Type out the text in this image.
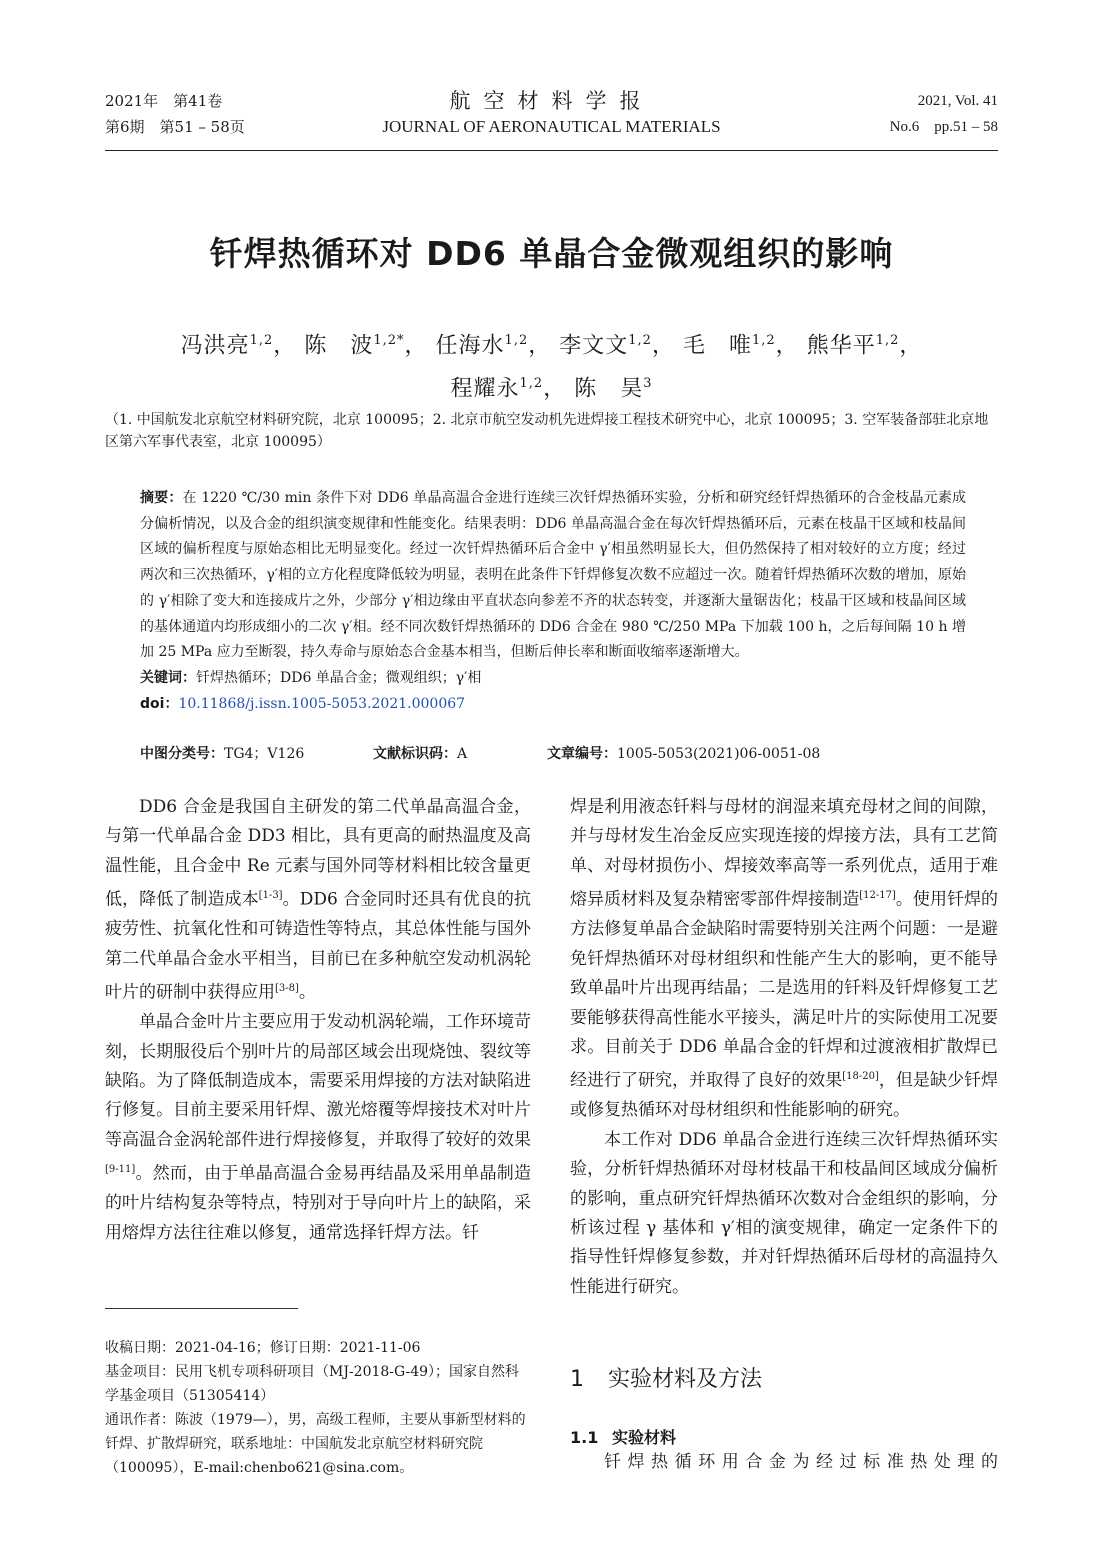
2021年　第41卷
第6期　第51 – 58页
航空材料学报
JOURNAL OF AERONAUTICAL MATERIALS
2021, Vol. 41
No.6　pp.51 – 58
钎焊热循环对 DD6 单晶合金微观组织的影响
冯洪亮$^{1,2}$， 陈　波$^{1,2*}$， 任海水$^{1,2}$， 李文文$^{1,2}$， 毛　唯$^{1,2}$， 熊华平$^{1,2}$，
程耀永$^{1,2}$， 陈　昊$^3$
（1. 中国航发北京航空材料研究院，北京 100095；2. 北京市航空发动机先进焊接工程技术研究中心，北京 100095；3. 空军装备部驻北京地区第六军事代表室，北京 100095）
摘要：在 1220 ℃/30 min 条件下对 DD6 单晶高温合金进行连续三次钎焊热循环实验，分析和研究经钎焊热循环的合金枝晶元素成分偏析情况，以及合金的组织演变规律和性能变化。结果表明：DD6 单晶高温合金在每次钎焊热循环后，元素在枝晶干区域和枝晶间区域的偏析程度与原始态相比无明显变化。经过一次钎焊热循环后合金中 γ′相虽然明显长大，但仍然保持了相对较好的立方度；经过两次和三次热循环，γ′相的立方化程度降低较为明显，表明在此条件下钎焊修复次数不应超过一次。随着钎焊热循环次数的增加，原始的 γ′相除了变大和连接成片之外，少部分 γ′相边缘由平直状态向参差不齐的状态转变，并逐渐大量锯齿化；枝晶干区域和枝晶间区域的基体通道内均形成细小的二次 γ′相。经不同次数钎焊热循环的 DD6 合金在 980 ℃/250 MPa 下加载 100 h，之后每间隔 10 h 增加 25 MPa 应力至断裂，持久寿命与原始态合金基本相当，但断后伸长率和断面收缩率逐渐增大。
关键词：钎焊热循环；DD6 单晶合金；微观组织；γ′相
doi：10.11868/j.issn.1005-5053.2021.000067
中图分类号：TG4；V126	文献标识码：A	文章编号：1005-5053(2021)06-0051-08

DD6 合金是我国自主研发的第二代单晶高温合金，与第一代单晶合金 DD3 相比，具有更高的耐热温度及高温性能，且合金中 Re 元素与国外同等材料相比较含量更低，降低了制造成本[1-3]。DD6 合金同时还具有优良的抗疲劳性、抗氧化性和可铸造性等特点，其总体性能与国外第二代单晶合金水平相当，目前已在多种航空发动机涡轮叶片的研制中获得应用[3-8]。

单晶合金叶片主要应用于发动机涡轮端，工作环境苛刻，长期服役后个别叶片的局部区域会出现烧蚀、裂纹等缺陷。为了降低制造成本，需要采用焊接的方法对缺陷进行修复。目前主要采用钎焊、激光熔覆等焊接技术对叶片等高温合金涡轮部件进行焊接修复，并取得了较好的效果[9-11]。然而，由于单晶高温合金易再结晶及采用单晶制造的叶片结构复杂等特点，特别对于导向叶片上的缺陷，采用熔焊方法往往难以修复，通常选择钎焊方法。钎

焊是利用液态钎料与母材的润湿来填充母材之间的间隙，并与母材发生冶金反应实现连接的焊接方法，具有工艺简单、对母材损伤小、焊接效率高等一系列优点，适用于难熔异质材料及复杂精密零部件焊接制造[12-17]。使用钎焊的方法修复单晶合金缺陷时需要特别关注两个问题：一是避免钎焊热循环对母材组织和性能产生大的影响，更不能导致单晶叶片出现再结晶；二是选用的钎料及钎焊修复工艺要能够获得高性能水平接头，满足叶片的实际使用工况要求。目前关于 DD6 单晶合金的钎焊和过渡液相扩散焊已经进行了研究，并取得了良好的效果[18-20]，但是缺少钎焊或修复热循环对母材组织和性能影响的研究。

本工作对 DD6 单晶合金进行连续三次钎焊热循环实验，分析钎焊热循环对母材枝晶干和枝晶间区域成分偏析的影响，重点研究钎焊热循环次数对合金组织的影响，分析该过程 γ 基体和 γ′相的演变规律，确定一定条件下的指导性钎焊修复参数，并对钎焊热循环后母材的高温持久性能进行研究。

收稿日期：2021-04-16；修订日期：2021-11-06
基金项目：民用飞机专项科研项目（MJ-2018-G-49）；国家自然科学基金项目（51305414）
通讯作者：陈波（1979—），男，高级工程师，主要从事新型材料的钎焊、扩散焊研究，联系地址：中国航发北京航空材料研究院（100095），E-mail:chenbo621@sina.com。
1 实验材料及方法
1.1 实验材料
钎焊热循环用合金为经过标准热处理的
